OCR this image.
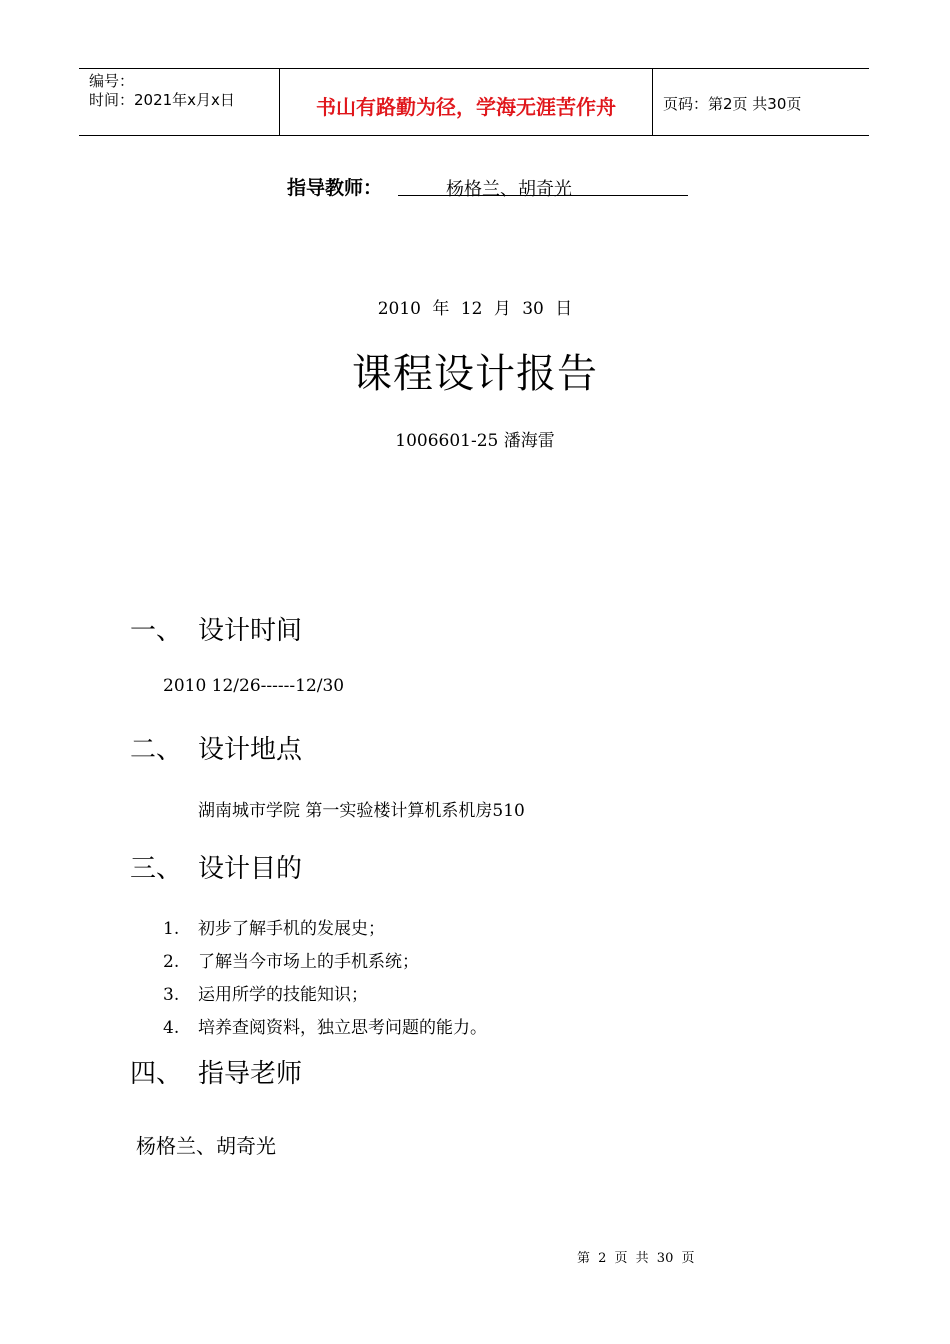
编号：
时间：2021年x月x日	书山有路勤为径，学海无涯苦作舟	页码：第2页 共30页
指导教师：	杨格兰、胡奇光
2010 年 12 月 30 日
课程设计报告
1006601-25 潘海雷
一、 设计时间
2010 12/26------12/30
二、 设计地点
湖南城市学院 第一实验楼计算机系机房510
三、 设计目的
1. 初步了解手机的发展史；
2. 了解当今市场上的手机系统；
3. 运用所学的技能知识；
4. 培养查阅资料，独立思考问题的能力。
四、 指导老师
杨格兰、胡奇光
第 2 页 共 30 页
